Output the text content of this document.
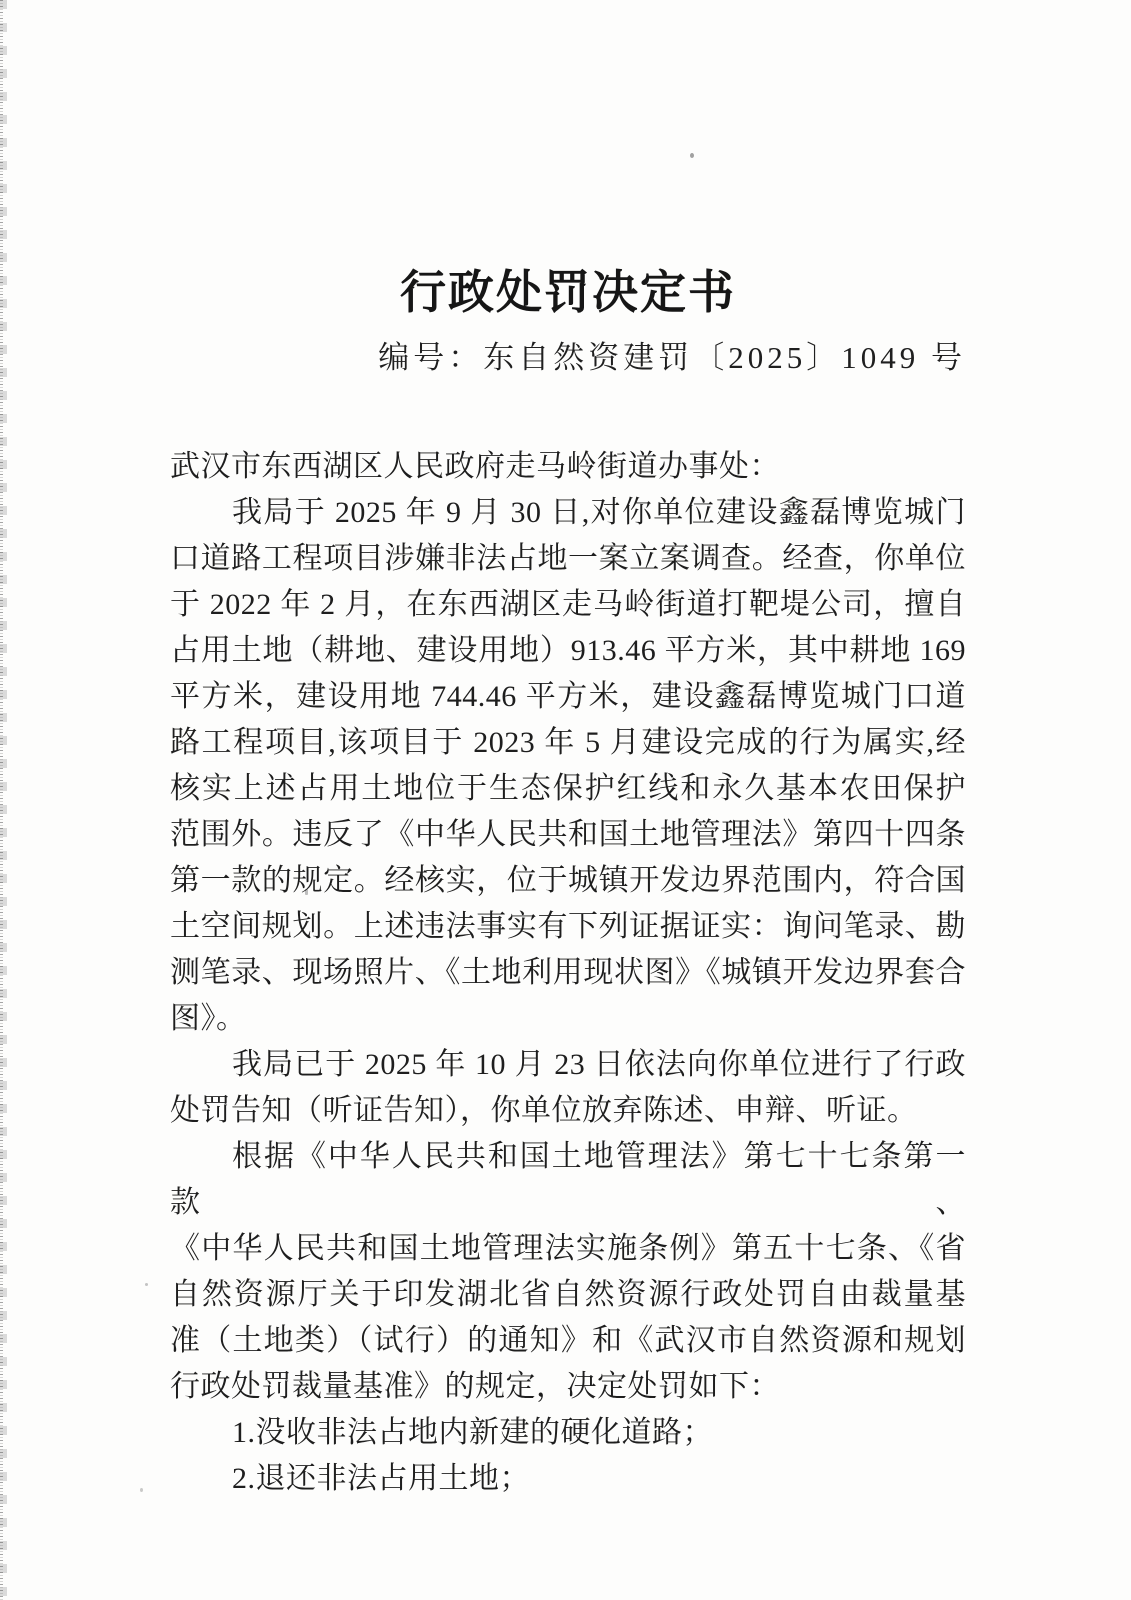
行政处罚决定书
编号：东自然资建罚〔2025〕1049 号
武汉市东西湖区人民政府走马岭街道办事处：
我局于 2025 年 9 月 30 日,对你单位建设鑫磊博览城门
口道路工程项目涉嫌非法占地一案立案调查。经查，你单位
于 2022 年 2 月，在东西湖区走马岭街道打靶堤公司，擅自
占用土地（耕地、建设用地）913.46 平方米，其中耕地 169
平方米，建设用地 744.46 平方米，建设鑫磊博览城门口道
路工程项目,该项目于 2023 年 5 月建设完成的行为属实,经
核实上述占用土地位于生态保护红线和永久基本农田保护
范围外。违反了《中华人民共和国土地管理法》第四十四条
第一款的规定。经核实，位于城镇开发边界范围内，符合国
土空间规划。上述违法事实有下列证据证实：询问笔录、勘
测笔录、现场照片、《土地利用现状图》《城镇开发边界套合
图》。
我局已于 2025 年 10 月 23 日依法向你单位进行了行政
处罚告知（听证告知），你单位放弃陈述、申辩、听证。
根据《中华人民共和国土地管理法》第七十七条第一款、
《中华人民共和国土地管理法实施条例》第五十七条、《省
自然资源厅关于印发湖北省自然资源行政处罚自由裁量基
准（土地类）（试行）的通知》和《武汉市自然资源和规划
行政处罚裁量基准》的规定，决定处罚如下：
1.没收非法占地内新建的硬化道路；
2.退还非法占用土地；
